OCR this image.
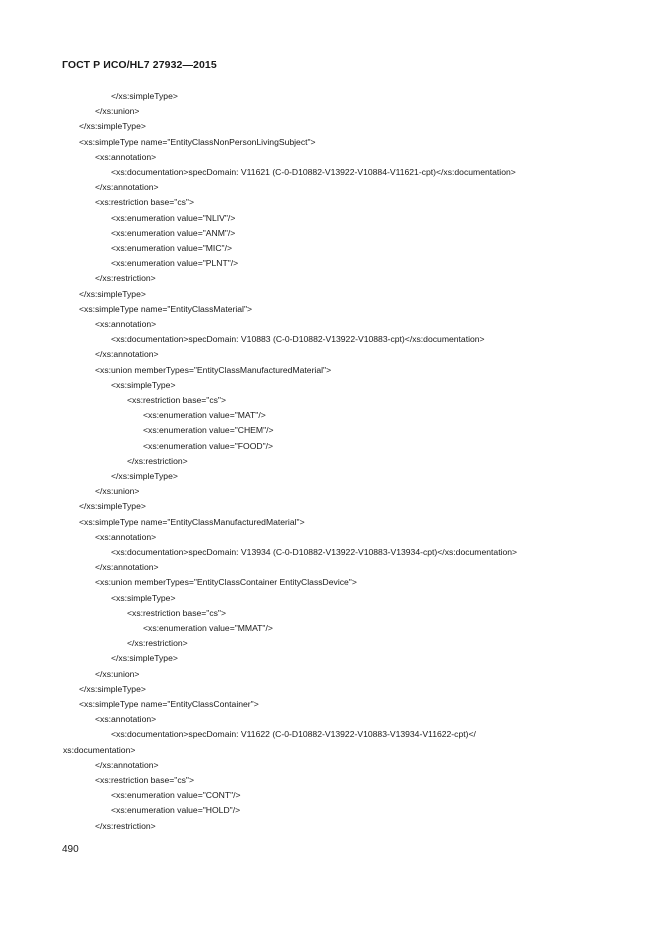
ГОСТ Р ИСО/HL7 27932—2015
</xs:simpleType>
</xs:union>
</xs:simpleType>
<xs:simpleType name="EntityClassNonPersonLivingSubject">
<xs:annotation>
<xs:documentation>specDomain: V11621 (C-0-D10882-V13922-V10884-V11621-cpt)</xs:documentation>
</xs:annotation>
<xs:restriction base="cs">
<xs:enumeration value="NLIV"/>
<xs:enumeration value="ANM"/>
<xs:enumeration value="MIC"/>
<xs:enumeration value="PLNT"/>
</xs:restriction>
</xs:simpleType>
<xs:simpleType name="EntityClassMaterial">
<xs:annotation>
<xs:documentation>specDomain: V10883 (C-0-D10882-V13922-V10883-cpt)</xs:documentation>
</xs:annotation>
<xs:union memberTypes="EntityClassManufacturedMaterial">
<xs:simpleType>
<xs:restriction base="cs">
<xs:enumeration value="MAT"/>
<xs:enumeration value="CHEM"/>
<xs:enumeration value="FOOD"/>
</xs:restriction>
</xs:simpleType>
</xs:union>
</xs:simpleType>
<xs:simpleType name="EntityClassManufacturedMaterial">
<xs:annotation>
<xs:documentation>specDomain: V13934 (C-0-D10882-V13922-V10883-V13934-cpt)</xs:documentation>
</xs:annotation>
<xs:union memberTypes="EntityClassContainer EntityClassDevice">
<xs:simpleType>
<xs:restriction base="cs">
<xs:enumeration value="MMAT"/>
</xs:restriction>
</xs:simpleType>
</xs:union>
</xs:simpleType>
<xs:simpleType name="EntityClassContainer">
<xs:annotation>
<xs:documentation>specDomain: V11622 (C-0-D10882-V13922-V10883-V13934-V11622-cpt)</
xs:documentation>
</xs:annotation>
<xs:restriction base="cs">
<xs:enumeration value="CONT"/>
<xs:enumeration value="HOLD"/>
</xs:restriction>
490
